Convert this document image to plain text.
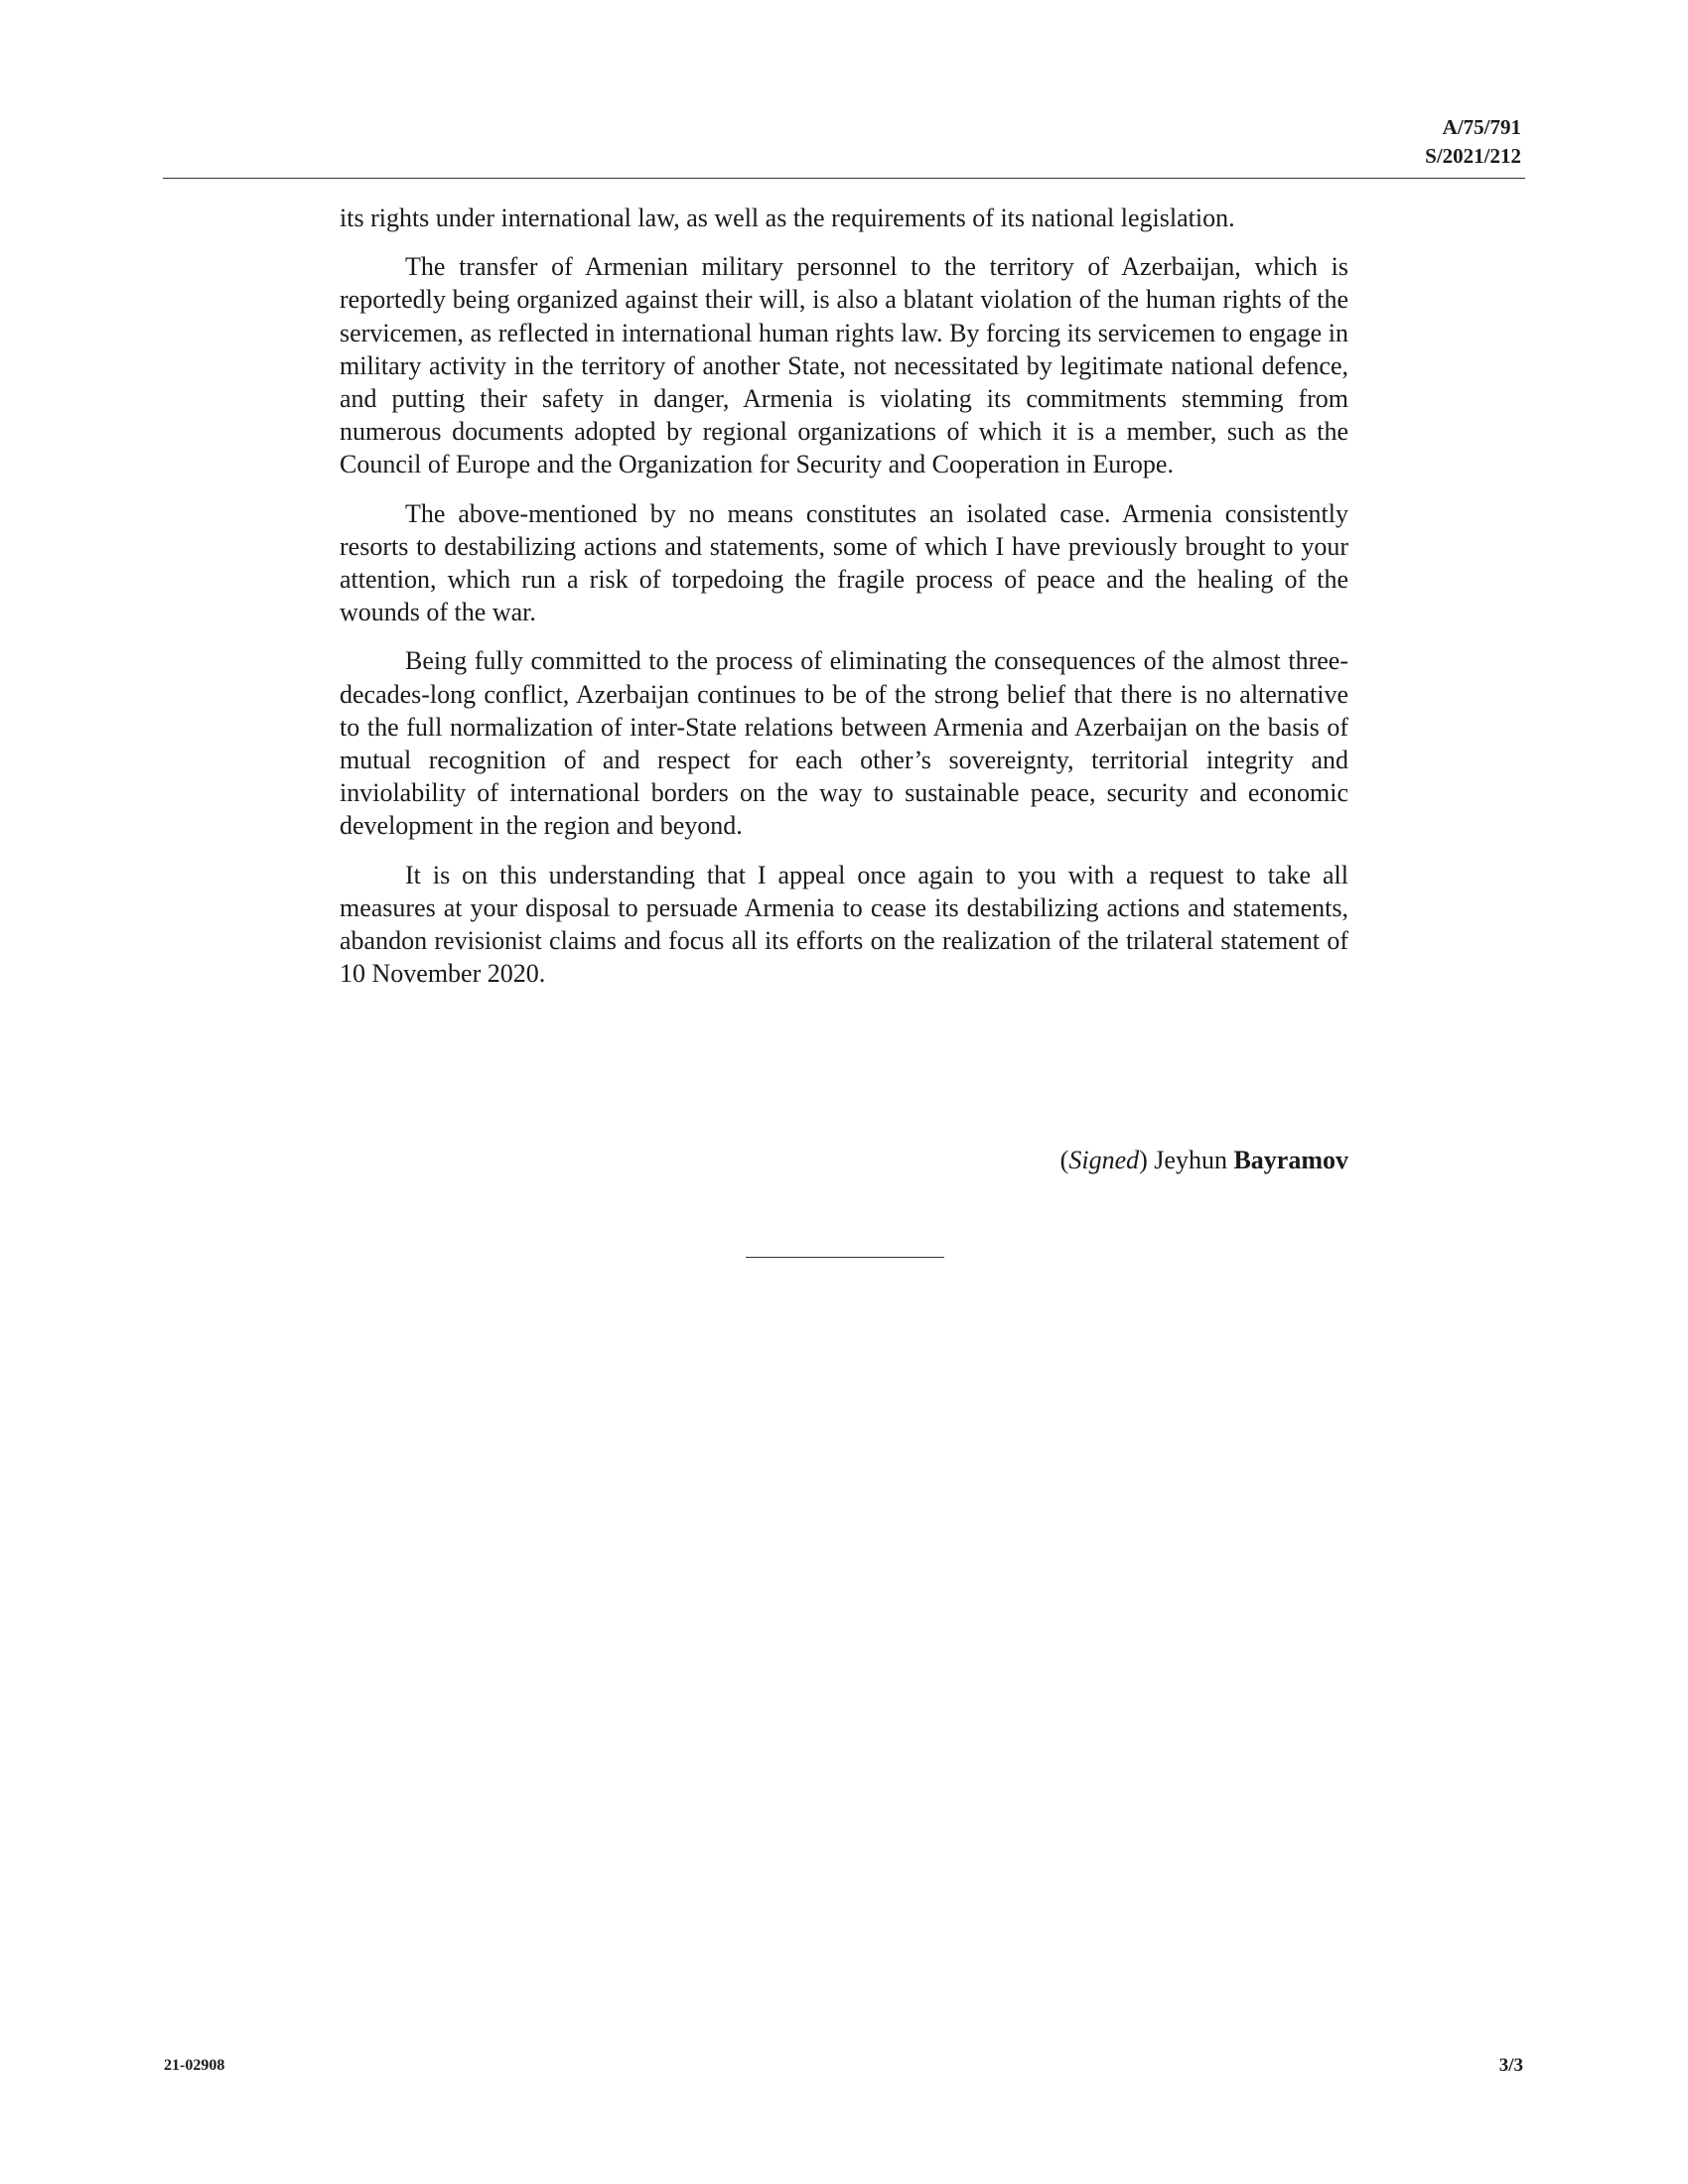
A/75/791
S/2021/212

its rights under international law, as well as the requirements of its national legislation.

The transfer of Armenian military personnel to the territory of Azerbaijan, which is reportedly being organized against their will, is also a blatant violation of the human rights of the servicemen, as reflected in international human rights law. By forcing its servicemen to engage in military activity in the territory of another State, not necessitated by legitimate national defence, and putting their safety in danger, Armenia is violating its commitments stemming from numerous documents adopted by regional organizations of which it is a member, such as the Council of Europe and the Organization for Security and Cooperation in Europe.

The above-mentioned by no means constitutes an isolated case. Armenia consistently resorts to destabilizing actions and statements, some of which I have previously brought to your attention, which run a risk of torpedoing the fragile process of peace and the healing of the wounds of the war.

Being fully committed to the process of eliminating the consequences of the almost three-decades-long conflict, Azerbaijan continues to be of the strong belief that there is no alternative to the full normalization of inter-State relations between Armenia and Azerbaijan on the basis of mutual recognition of and respect for each other’s sovereignty, territorial integrity and inviolability of international borders on the way to sustainable peace, security and economic development in the region and beyond.

It is on this understanding that I appeal once again to you with a request to take all measures at your disposal to persuade Armenia to cease its destabilizing actions and statements, abandon revisionist claims and focus all its efforts on the realization of the trilateral statement of 10 November 2020.

(Signed) Jeyhun Bayramov
21-02908	3/3
